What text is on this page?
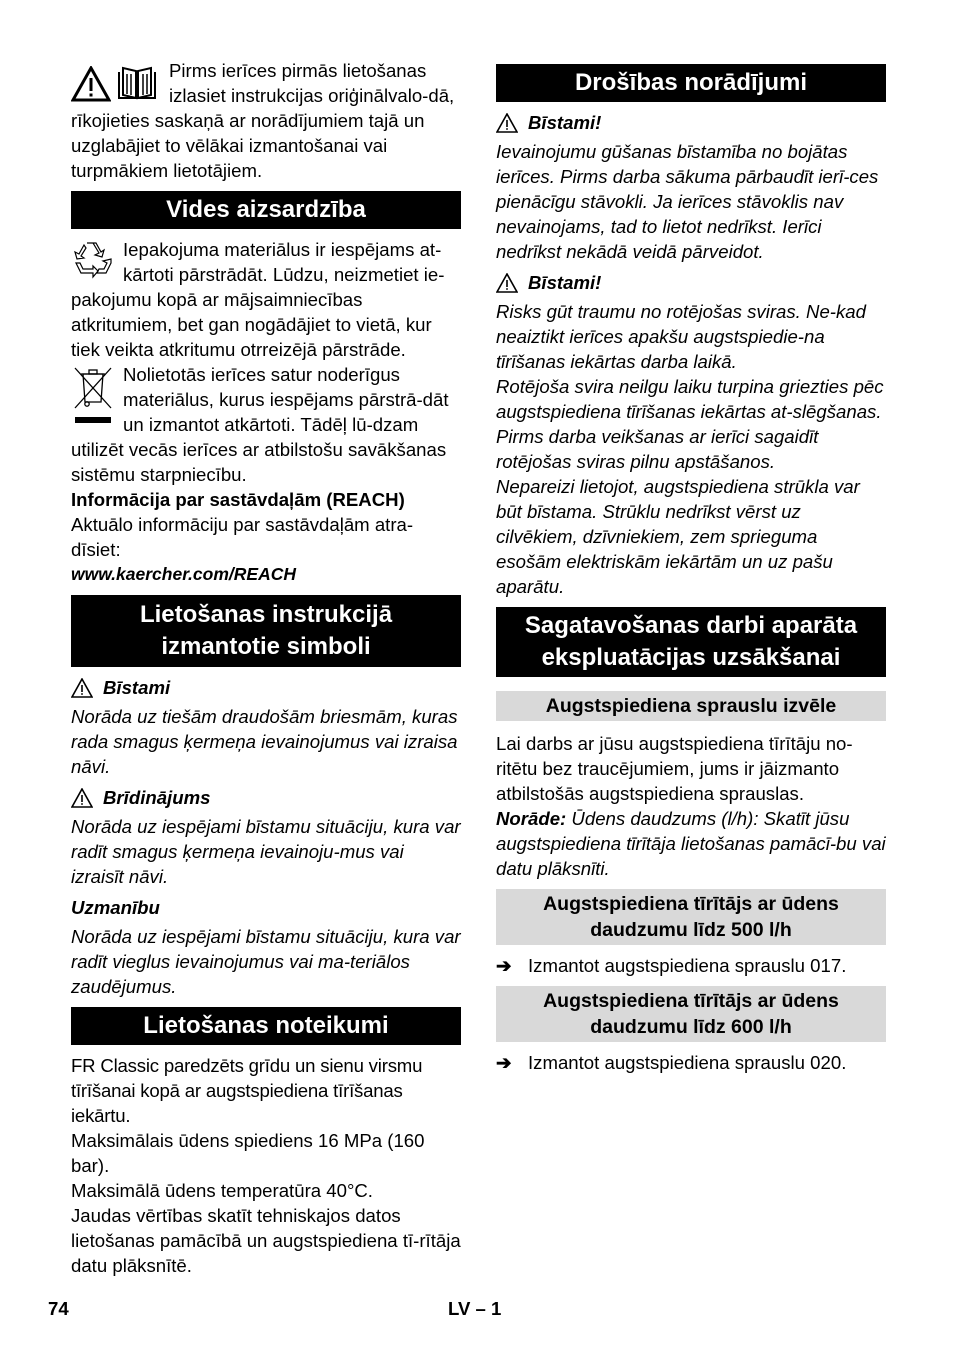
Pirms ierīces pirmās lietošanas izlasiet instrukcijas oriģinālvalo-dā, rīkojieties saskaņā ar norādījumiem tajā un uzglabājiet to vēlākai izmantošanai vai turpmākiem lietotājiem.

Vides aizsardzība

Iepakojuma materiālus ir iespējams at-kārtoti pārstrādāt. Lūdzu, neizmetiet ie-pakojumu kopā ar mājsaimniecības atkritumiem, bet gan nogādājiet to vietā, kur tiek veikta atkritumu otrreizējā pārstrāde.

Nolietotās ierīces satur noderīgus materiālus, kurus iespējams pārstrā-dāt un izmantot atkārtoti. Tādēļ lū-dzam utilizēt vecās ierīces ar atbilstošu savākšanas sistēmu starpniecību.

Informācija par sastāvdaļām (REACH)

Aktuālo informāciju par sastāvdaļām atra-dīsiet:

www.kaercher.com/REACH

Lietošanas instrukcijā izmantotie simboli
Bīstami

Norāda uz tiešām draudošām briesmām, kuras rada smagus ķermeņa ievainojumus vai izraisa nāvi.

Brīdinājums

Norāda uz iespējami bīstamu situāciju, kura var radīt smagus ķermeņa ievainoju-mus vai izraisīt nāvi.

Uzmanību

Norāda uz iespējami bīstamu situāciju, kura var radīt vieglus ievainojumus vai ma-teriālos zaudējumus.

Lietošanas noteikumi

FR Classic paredzēts grīdu un sienu virsmu tīrīšanai kopā ar augstspiediena tīrīšanas iekārtu.

Maksimālais ūdens spiediens 16 MPa (160 bar).

Maksimālā ūdens temperatūra 40°C.

Jaudas vērtības skatīt tehniskajos datos lietošanas pamācībā un augstspiediena tī-rītāja datu plāksnītē.

Drošības norādījumi
Bīstami!

Ievainojumu gūšanas bīstamība no bojātas ierīces. Pirms darba sākuma pārbaudīt ierī-ces pienācīgu stāvokli. Ja ierīces stāvoklis nav nevainojams, tad to lietot nedrīkst. Ierīci nedrīkst nekādā veidā pārveidot.

Bīstami!

Risks gūt traumu no rotējošas sviras. Ne-kad neaiztikt ierīces apakšu augstspiedie-na tīrīšanas iekārtas darba laikā.

Rotējoša svira neilgu laiku turpina griezties pēc augstspiediena tīrīšanas iekārtas at-slēgšanas. Pirms darba veikšanas ar ierīci sagaidīt rotējošas sviras pilnu apstāšanos.

Nepareizi lietojot, augstspiediena strūkla var būt bīstama. Strūklu nedrīkst vērst uz cilvēkiem, dzīvniekiem, zem sprieguma esošām elektriskām iekārtām un uz pašu aparātu.

Sagatavošanas darbi aparāta ekspluatācijas uzsākšanai
Augstspiediena sprauslu izvēle

Lai darbs ar jūsu augstspiediena tīrītāju no-ritētu bez traucējumiem, jums ir jāizmanto atbilstošās augstspiediena sprauslas.

Norāde: Ūdens daudzums (l/h): Skatīt jūsu augstspiediena tīrītāja lietošanas pamācī-bu vai datu plāksnīti.

Augstspiediena tīrītājs ar ūdens daudzumu līdz 500 l/h
➔ Izmantot augstspiediena sprauslu 017.
Augstspiediena tīrītājs ar ūdens daudzumu līdz 600 l/h
➔ Izmantot augstspiediena sprauslu 020.
74	LV – 1
